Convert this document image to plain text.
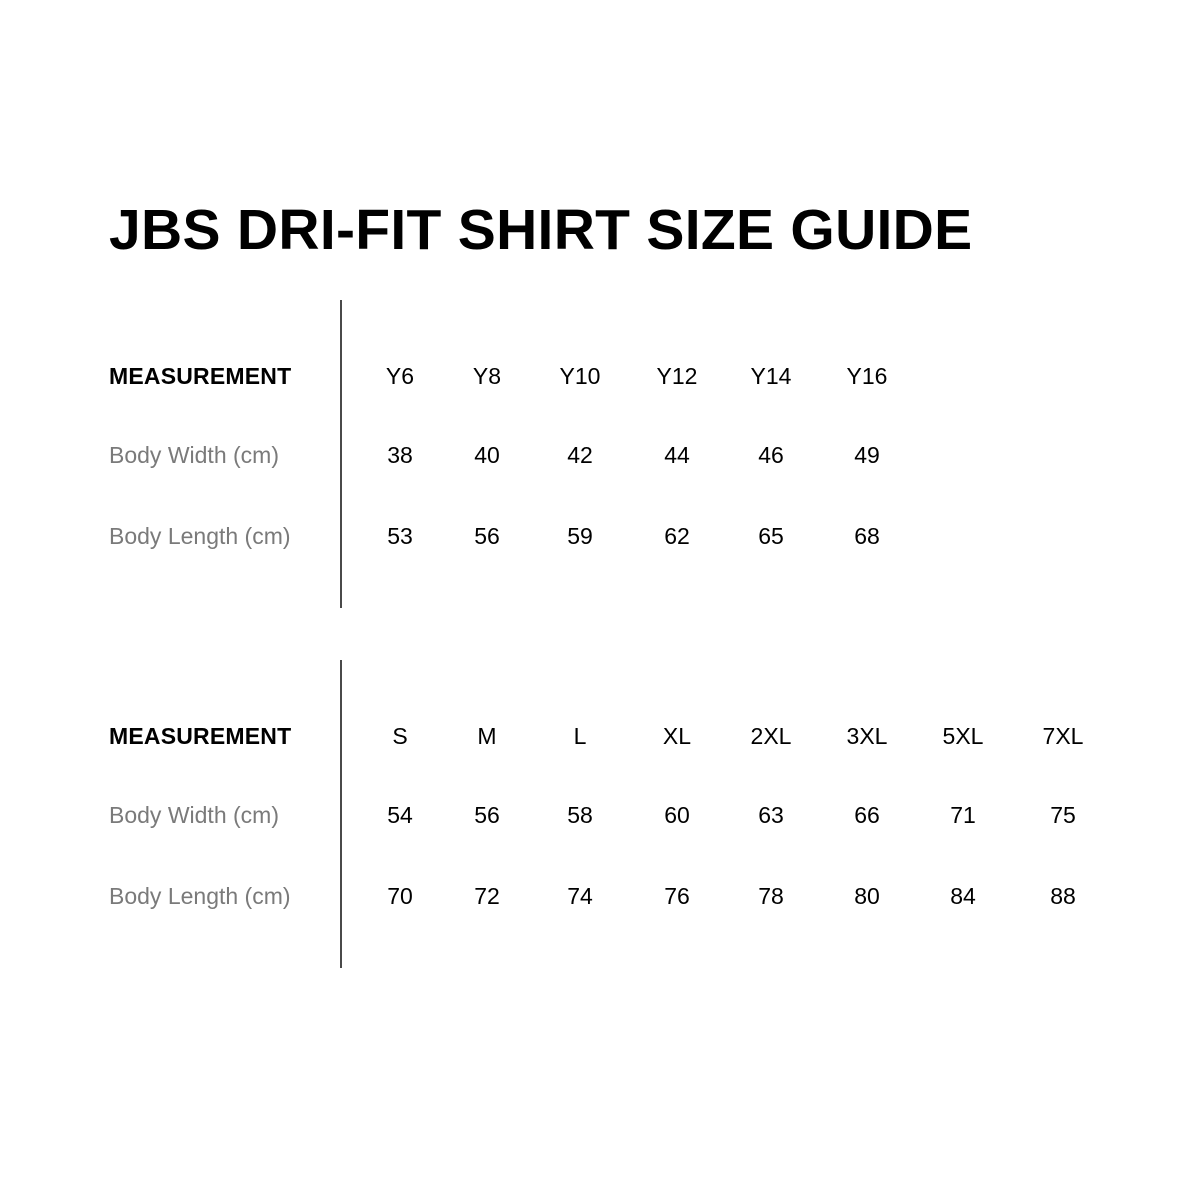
JBS DRI-FIT SHIRT SIZE GUIDE
MEASUREMENT	Y6	Y8	Y10	Y12	Y14	Y16
Body Width (cm)	38	40	42	44	46	49
Body Length (cm)	53	56	59	62	65	68
MEASUREMENT	S	M	L	XL	2XL	3XL	5XL	7XL
Body Width (cm)	54	56	58	60	63	66	71	75
Body Length (cm)	70	72	74	76	78	80	84	88
